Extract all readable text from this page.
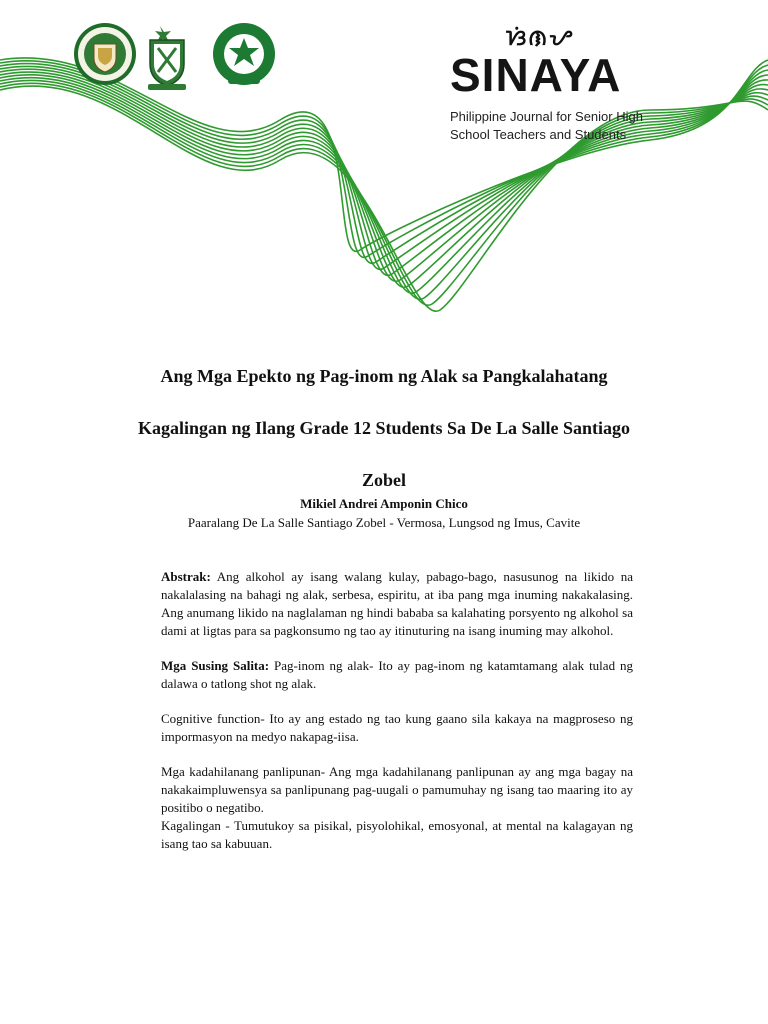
ᜐᜒᜈᜌ
SINAYA
Philippine Journal for Senior High
School Teachers and Students
Ang Mga Epekto ng Pag-inom ng Alak sa Pangkalahatang
Kagalingan ng Ilang Grade 12 Students Sa De La Salle Santiago
Zobel
Mikiel Andrei Amponin Chico
Paaralang De La Salle Santiago Zobel - Vermosa, Lungsod ng Imus, Cavite

Abstrak: Ang alkohol ay isang walang kulay, pabago-bago, nasusunog na likido na nakalalasing na bahagi ng alak, serbesa, espiritu, at iba pang mga inuming nakakalasing. Ang anumang likido na naglalaman ng hindi bababa sa kalahating porsyento ng alkohol sa dami at ligtas para sa pagkonsumo ng tao ay itinuturing na isang inuming may alkohol.

Mga Susing Salita: Pag-inom ng alak- Ito ay pag-inom ng katamtamang alak tulad ng dalawa o tatlong shot ng alak.

Cognitive function- Ito ay ang estado ng tao kung gaano sila kakaya na magproseso ng impormasyon na medyo nakapag-iisa.

Mga kadahilanang panlipunan- Ang mga kadahilanang panlipunan ay ang mga bagay na nakakaimpluwensya sa panlipunang pag-uugali o pamumuhay ng isang tao maaring ito ay positibo o negatibo.

Kagalingan - Tumutukoy sa pisikal, pisyolohikal, emosyonal, at mental na kalagayan ng isang tao sa kabuuan.
